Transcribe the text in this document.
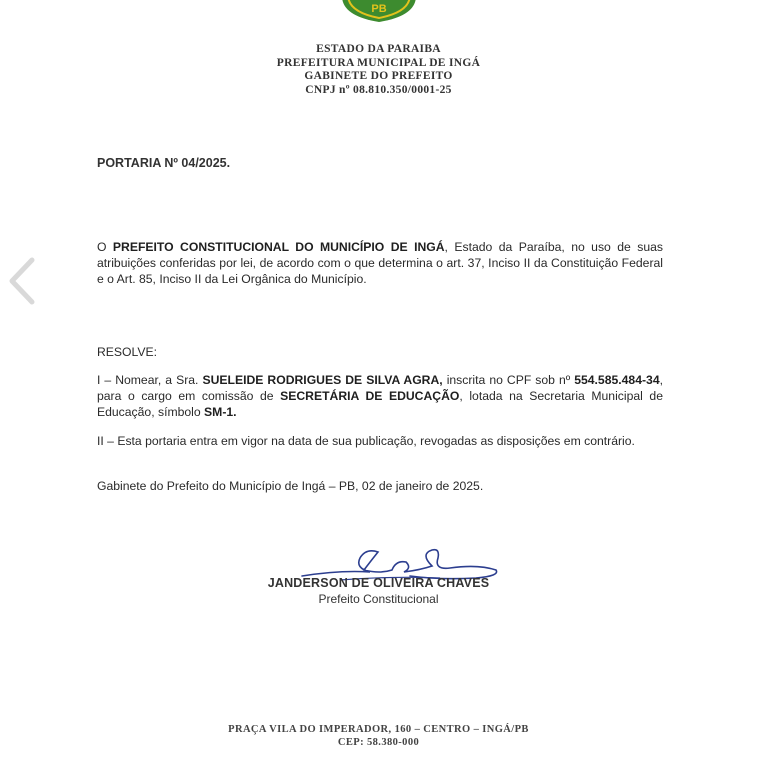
PB
ESTADO DA PARAIBA
PREFEITURA MUNICIPAL DE INGÁ
GABINETE DO PREFEITO
CNPJ nº 08.810.350/0001-25
PORTARIA Nº 04/2025.
O PREFEITO CONSTITUCIONAL DO MUNICÍPIO DE INGÁ, Estado da Paraíba, no uso de suas atribuições conferidas por lei, de acordo com o que determina o art. 37, Inciso II da Constituição Federal e o Art. 85, Inciso II da Lei Orgânica do Município.
RESOLVE:
I – Nomear, a Sra. SUELEIDE RODRIGUES DE SILVA AGRA, inscrita no CPF sob nº 554.585.484-34, para o cargo em comissão de SECRETÁRIA DE EDUCAÇÃO, lotada na Secretaria Municipal de Educação, símbolo SM-1.
II – Esta portaria entra em vigor na data de sua publicação, revogadas as disposições em contrário.
Gabinete do Prefeito do Município de Ingá – PB, 02 de janeiro de 2025.
JANDERSON DE OLIVEIRA CHAVES
Prefeito Constitucional
PRAÇA VILA DO IMPERADOR, 160 – CENTRO – INGÁ/PB
CEP: 58.380-000
